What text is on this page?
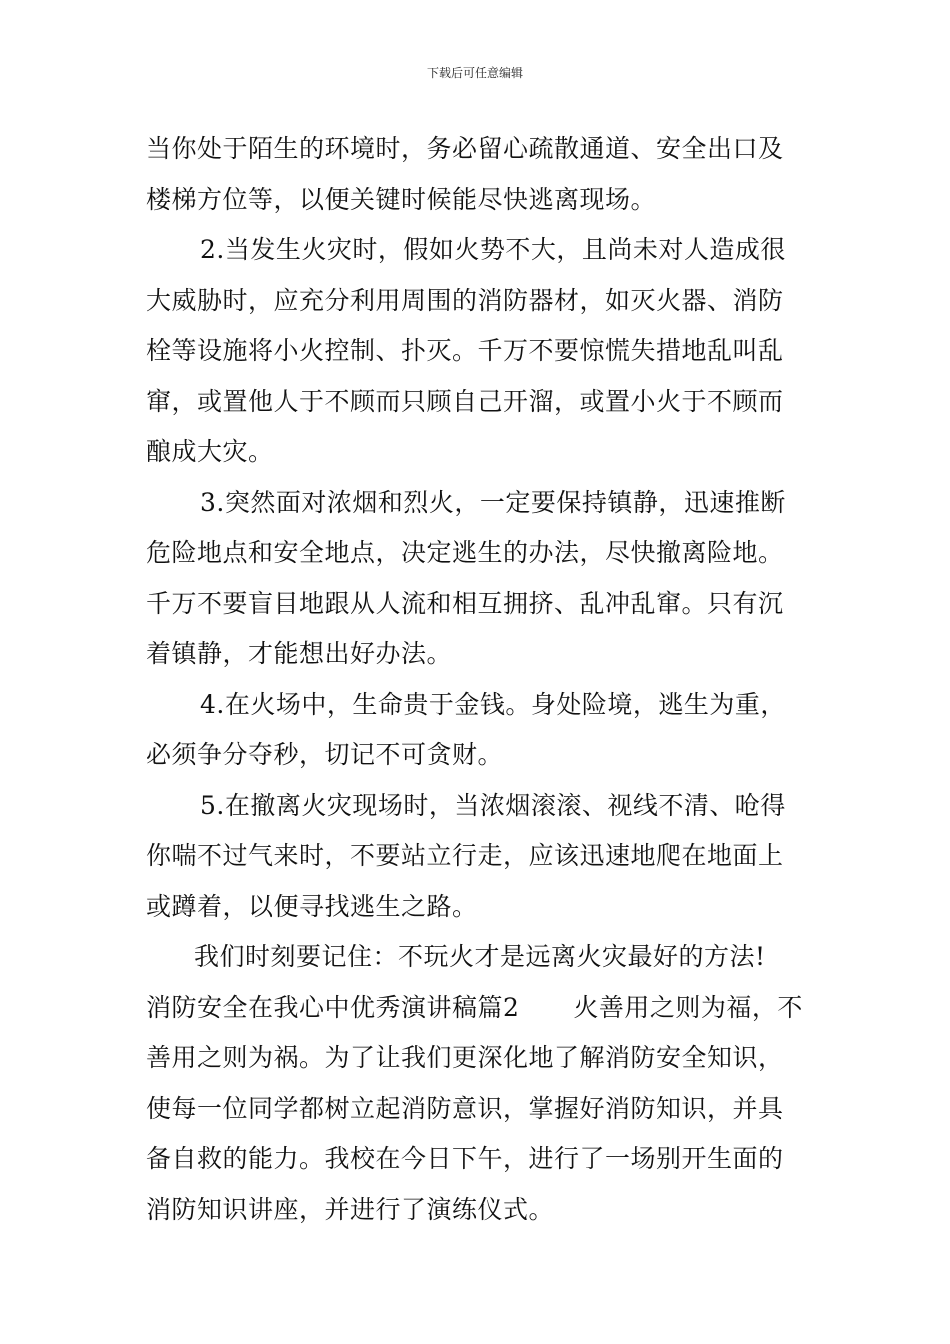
下载后可任意编辑

当你处于陌生的环境时，务必留心疏散通道、安全出口及楼梯方位等，以便关键时候能尽快逃离现场。

2.当发生火灾时，假如火势不大，且尚未对人造成很大威胁时，应充分利用周围的消防器材，如灭火器、消防栓等设施将小火控制、扑灭。千万不要惊慌失措地乱叫乱窜，或置他人于不顾而只顾自己开溜，或置小火于不顾而酿成大灾。

3.突然面对浓烟和烈火，一定要保持镇静，迅速推断危险地点和安全地点，决定逃生的办法，尽快撤离险地。千万不要盲目地跟从人流和相互拥挤、乱冲乱窜。只有沉着镇静，才能想出好办法。

4.在火场中，生命贵于金钱。身处险境，逃生为重，必须争分夺秒，切记不可贪财。

5.在撤离火灾现场时，当浓烟滚滚、视线不清、呛得你喘不过气来时，不要站立行走，应该迅速地爬在地面上或蹲着，以便寻找逃生之路。

我们时刻要记住：不玩火才是远离火灾最好的方法!

消防安全在我心中优秀演讲稿篇2 火善用之则为福，不善用之则为祸。为了让我们更深化地了解消防安全知识，使每一位同学都树立起消防意识，掌握好消防知识，并具备自救的能力。我校在今日下午，进行了一场别开生面的消防知识讲座，并进行了演练仪式。
